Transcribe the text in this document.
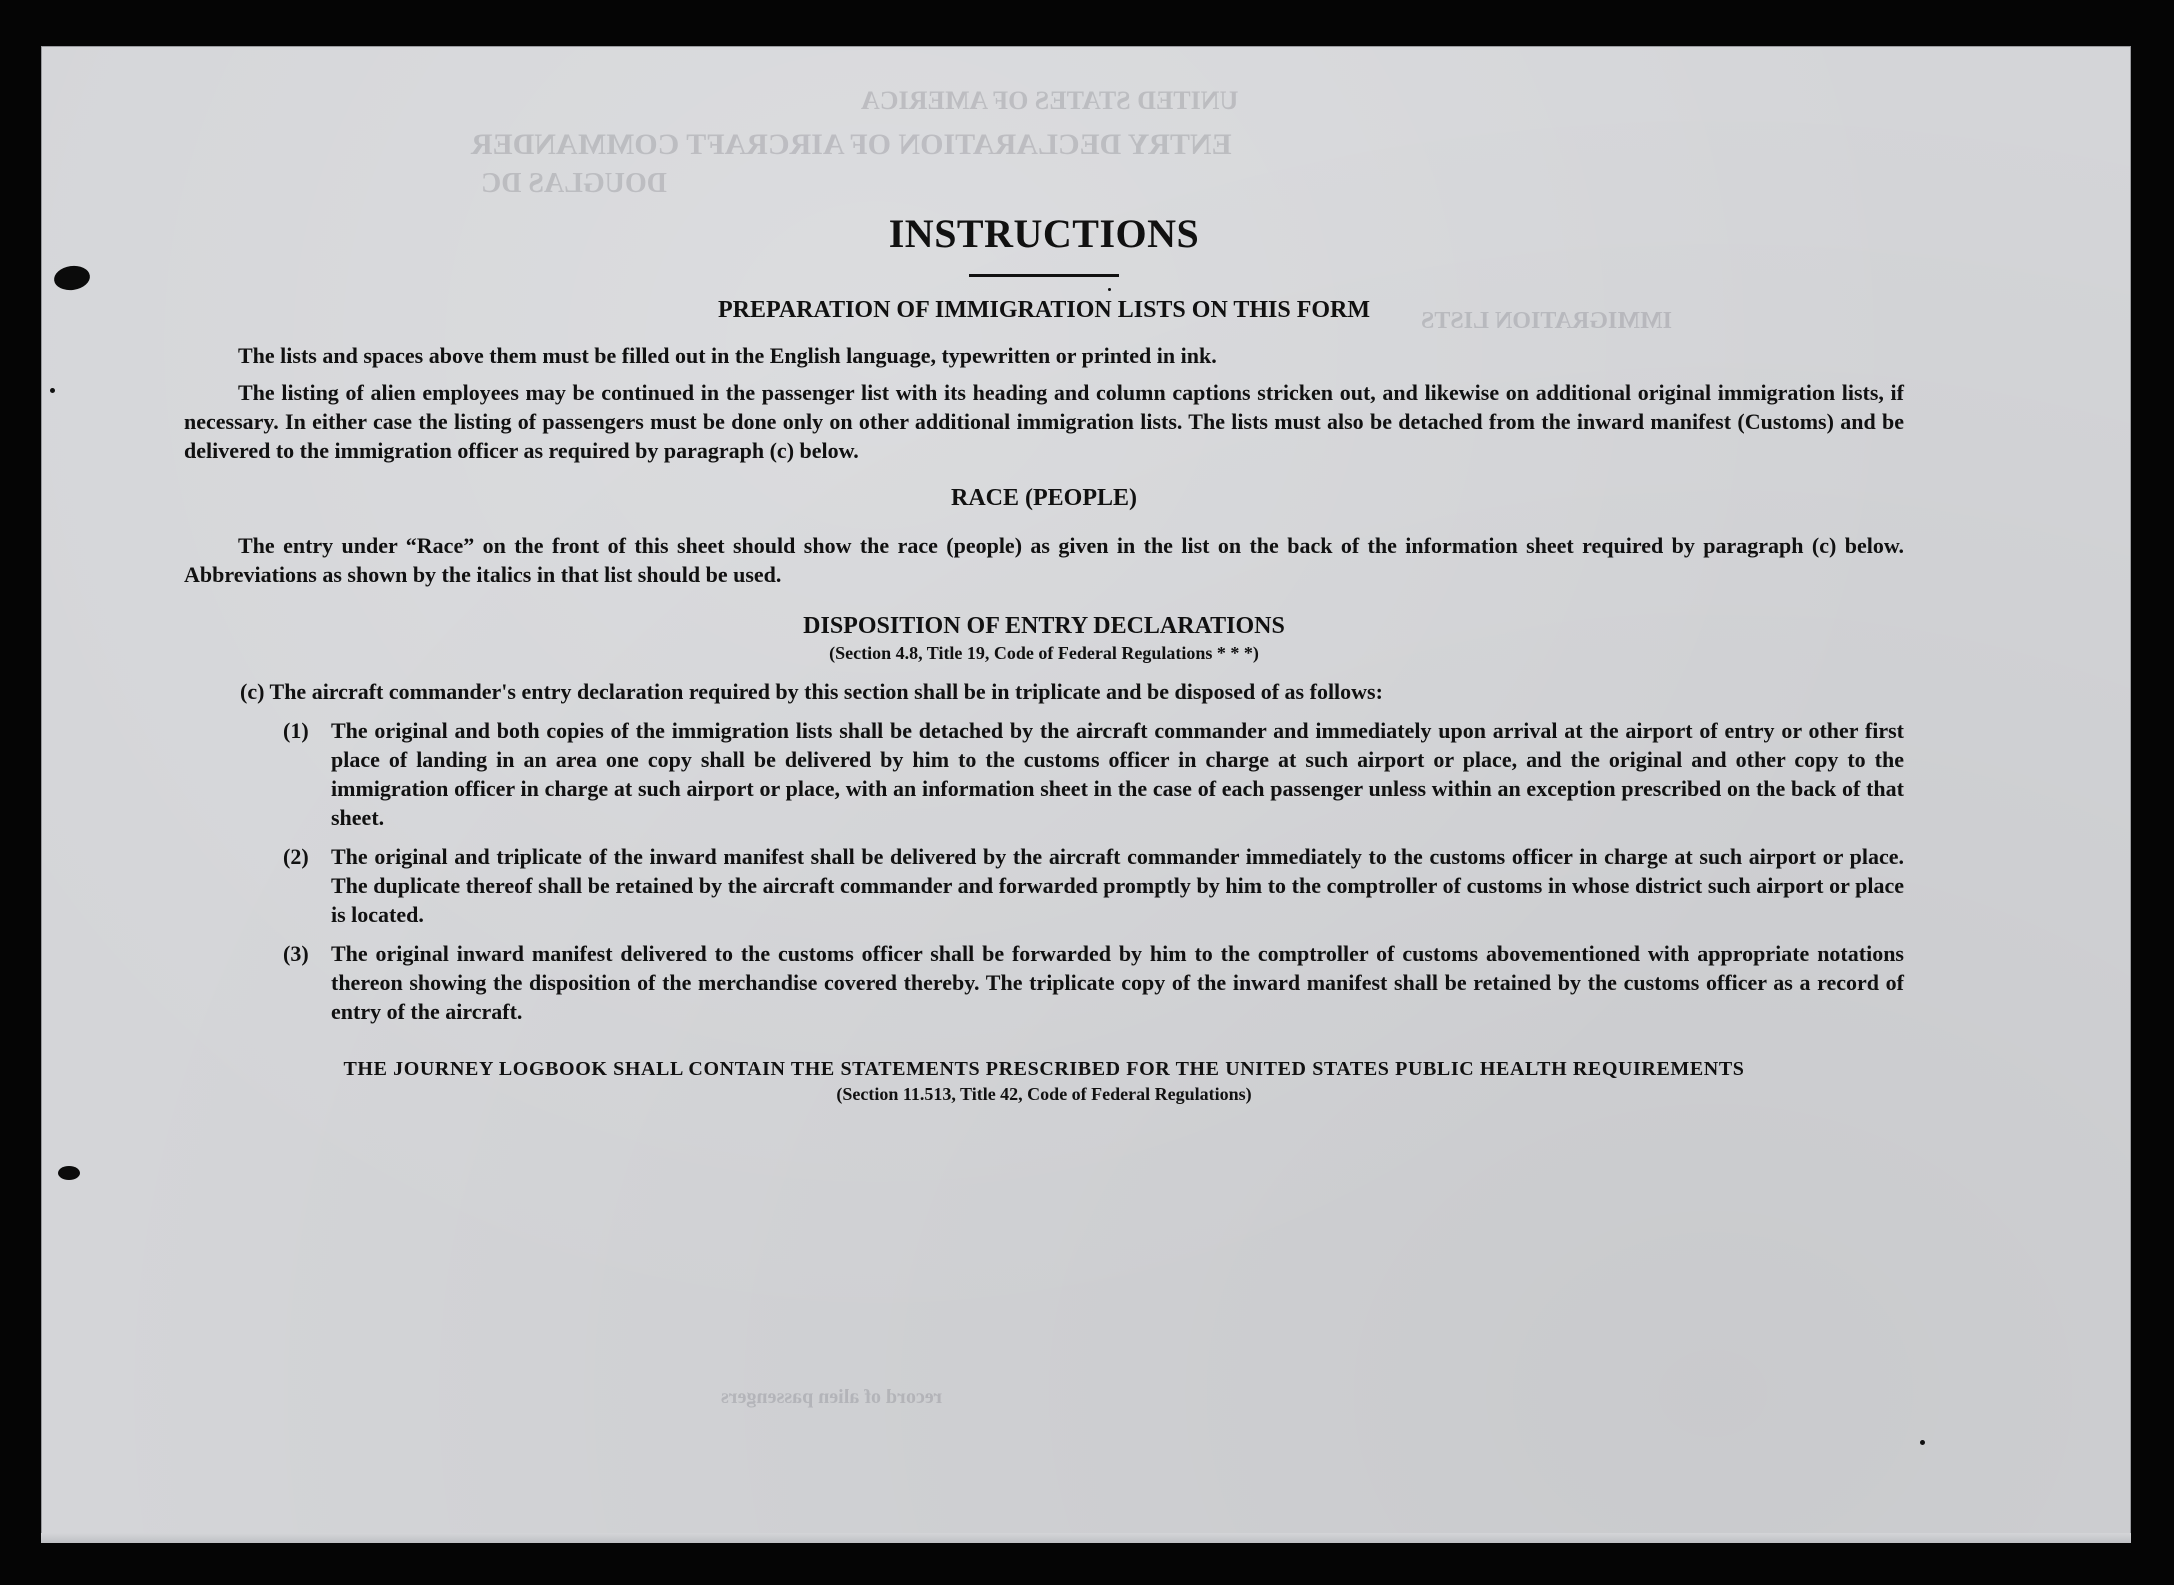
UNITED STATES OF AMERICA
ENTRY DECLARATION OF AIRCRAFT COMMANDER
DOUGLAS DC
IMMIGRATION LISTS
record of alien passengers
INSTRUCTIONS
PREPARATION OF IMMIGRATION LISTS ON THIS FORM

The lists and spaces above them must be filled out in the English language, typewritten or printed in ink.

The listing of alien employees may be continued in the passenger list with its heading and column captions stricken out, and likewise on additional original immigration lists, if necessary. In either case the listing of passengers must be done only on other additional immigration lists. The lists must also be detached from the inward manifest (Customs) and be delivered to the immigration officer as required by paragraph (c) below.

RACE (PEOPLE)

The entry under “Race” on the front of this sheet should show the race (people) as given in the list on the back of the information sheet required by paragraph (c) below. Abbreviations as shown by the italics in that list should be used.

DISPOSITION OF ENTRY DECLARATIONS
(Section 4.8, Title 19, Code of Federal Regulations * * *)

(c) The aircraft commander's entry declaration required by this section shall be in triplicate and be disposed of as follows:

(1)	The original and both copies of the immigration lists shall be detached by the aircraft commander and immediately upon arrival at the airport of entry or other first place of landing in an area one copy shall be delivered by him to the customs officer in charge at such airport or place, and the original and other copy to the immigration officer in charge at such airport or place, with an information sheet in the case of each passenger unless within an exception prescribed on the back of that sheet.

(2)	The original and triplicate of the inward manifest shall be delivered by the aircraft commander immediately to the customs officer in charge at such airport or place. The duplicate thereof shall be retained by the aircraft commander and forwarded promptly by him to the comptroller of customs in whose district such airport or place is located.

(3)	The original inward manifest delivered to the customs officer shall be forwarded by him to the comptroller of customs abovementioned with appropriate notations thereon showing the disposition of the merchandise covered thereby. The triplicate copy of the inward manifest shall be retained by the customs officer as a record of entry of the aircraft.

THE JOURNEY LOGBOOK SHALL CONTAIN THE STATEMENTS PRESCRIBED FOR THE UNITED STATES PUBLIC HEALTH REQUIREMENTS

(Section 11.513, Title 42, Code of Federal Regulations)
